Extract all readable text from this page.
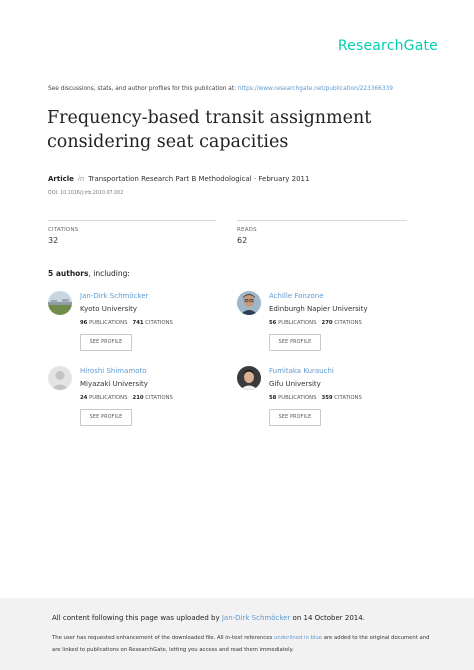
ResearchGate
See discussions, stats, and author profiles for this publication at: https://www.researchgate.net/publication/223366339
Frequency-based transit assignment considering seat capacities
Article in Transportation Research Part B Methodological · February 2011
DOI: 10.1016/j.trb.2010.07.002
CITATIONS
32
READS
62
5 authors, including:
Jan-Dirk Schmöcker
Kyoto University
96 PUBLICATIONS 741 CITATIONS
SEE PROFILE
Achille Fonzone
Edinburgh Napier University
56 PUBLICATIONS 270 CITATIONS
SEE PROFILE
Hiroshi Shimamoto
Miyazaki University
24 PUBLICATIONS 210 CITATIONS
SEE PROFILE
Fumitaka Kurauchi
Gifu University
58 PUBLICATIONS 359 CITATIONS
SEE PROFILE
All content following this page was uploaded by Jan-Dirk Schmöcker on 14 October 2014.
The user has requested enhancement of the downloaded file. All in-text references underlined in blue are added to the original document and are linked to publications on ResearchGate, letting you access and read them immediately.
